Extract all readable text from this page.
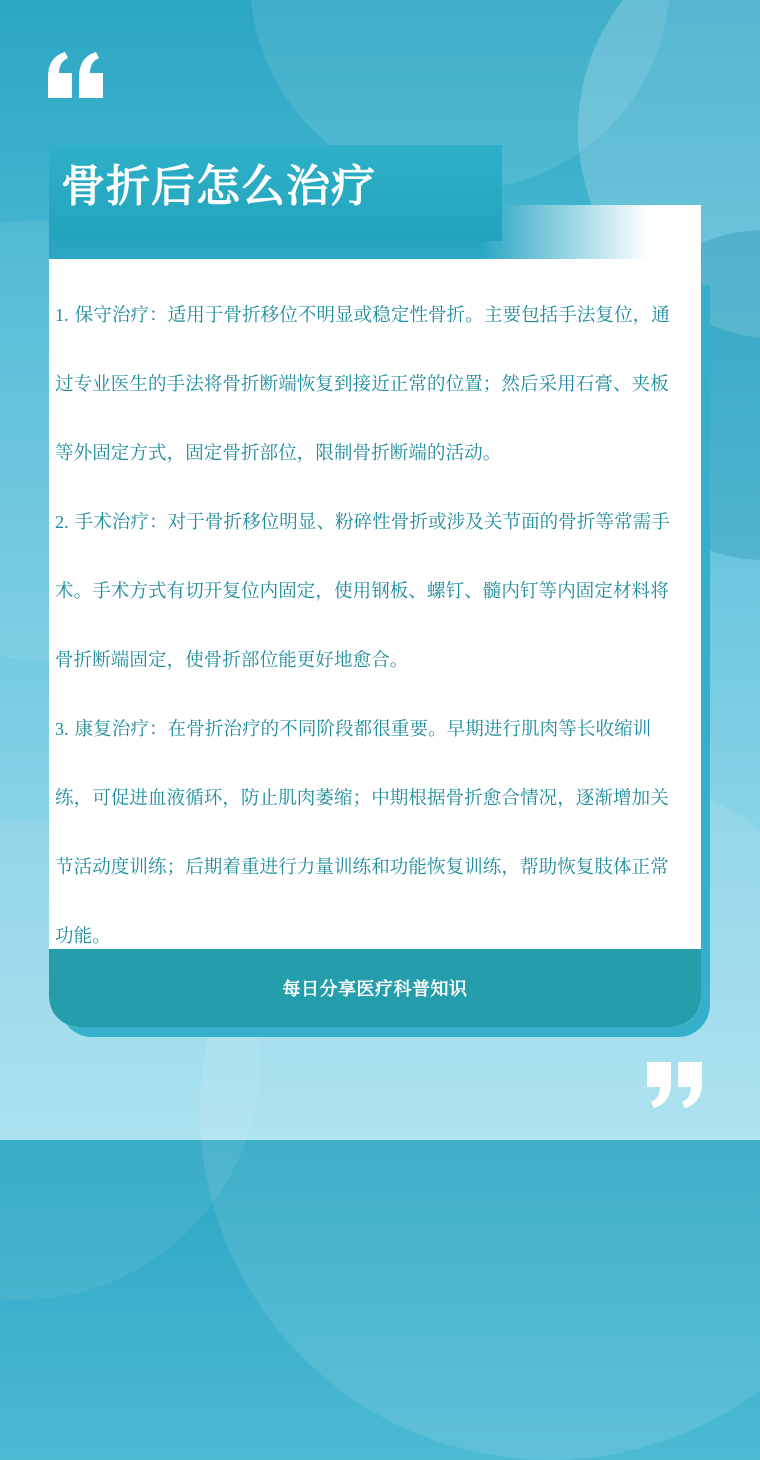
1. 保守治疗：适用于骨折移位不明显或稳定性骨折。主要包括手法复位，通过专业医生的手法将骨折断端恢复到接近正常的位置；然后采用石膏、夹板等外固定方式，固定骨折部位，限制骨折断端的活动。

2. 手术治疗：对于骨折移位明显、粉碎性骨折或涉及关节面的骨折等常需手术。手术方式有切开复位内固定，使用钢板、螺钉、髓内钉等内固定材料将骨折断端固定，使骨折部位能更好地愈合。

3. 康复治疗：在骨折治疗的不同阶段都很重要。早期进行肌肉等长收缩训练，可促进血液循环，防止肌肉萎缩；中期根据骨折愈合情况，逐渐增加关节活动度训练；后期着重进行力量训练和功能恢复训练，帮助恢复肢体正常功能。

每日分享医疗科普知识
骨折后怎么治疗
